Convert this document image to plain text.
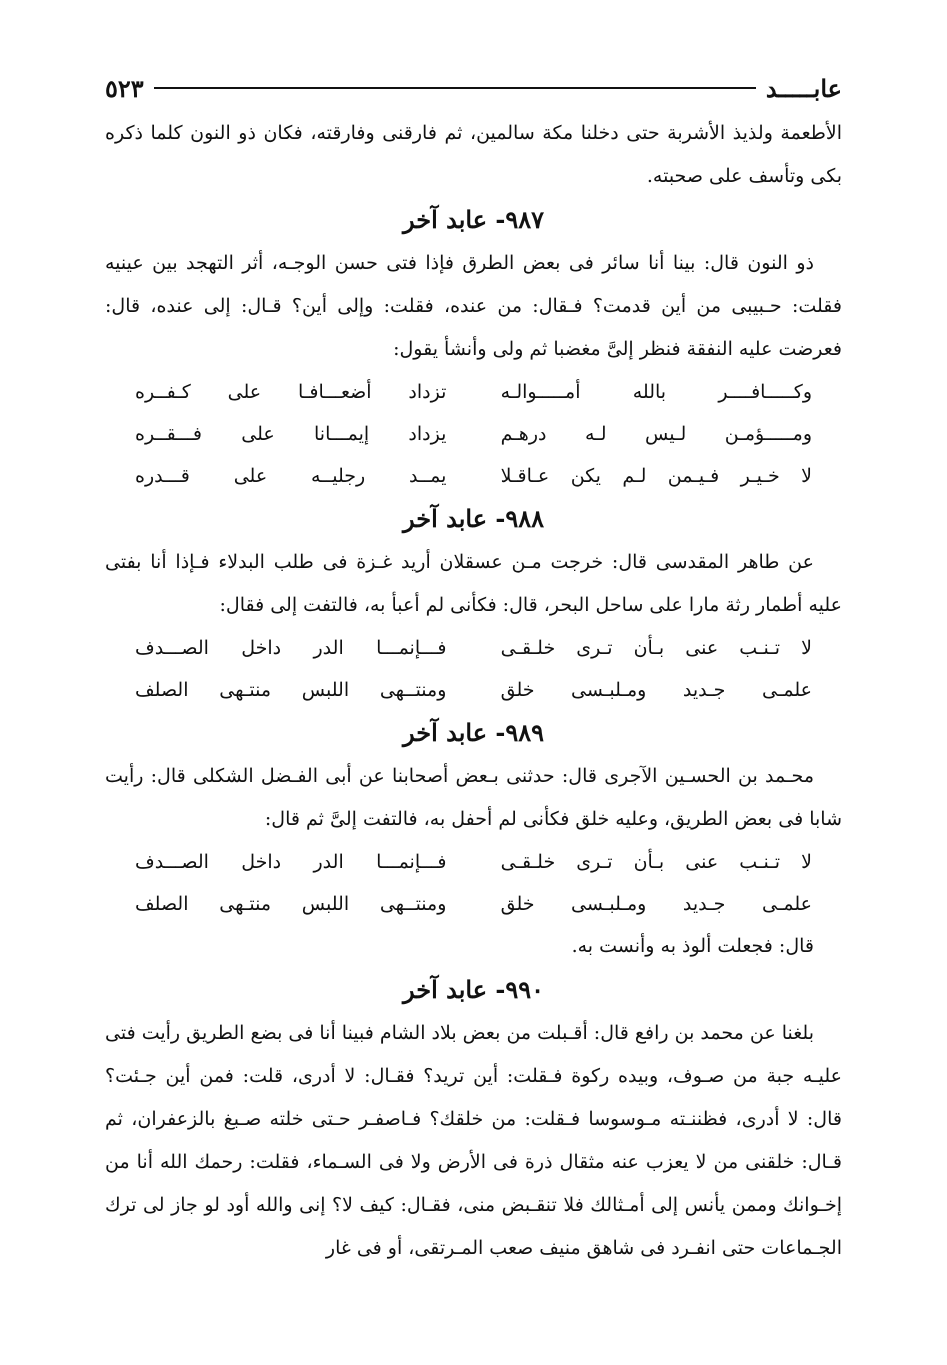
عابـــــد
٥٢٣

الأطعمة ولذيذ الأشربة حتى دخلنا مكة سالمين، ثم فارقنى وفارقته، فكان ذو النون كلما ذكره بكى وتأسف على صحبته.

٩٨٧- عابد آخر

ذو النون قال: بينا أنا سائر فى بعض الطرق فإذا فتى حسن الوجـه، أثر التهجد بين عينيه فقلت: حـبيبى من أين قدمت؟ فـقال: من عنده، فقلت: وإلى أين؟ قـال: إلى عنده، قال: فعرضت عليه النفقة فنظر إلىَّ مغضبا ثم ولى وأنشأ يقول:

وكـــــافــــر بالله أمـــــوالـه
تزداد أضعـــافـا على كـفــره
ومـــــؤمـن لـيس لـه درهـم
يزداد إيمـــانا على فـــقــره
لا خـيـر فـيـمن لـم يكن عـاقـلا
يمــد رجليــه على قـــدره
٩٨٨- عابد آخر

عن طاهر المقدسى قال: خرجت مـن عسقلان أريد غـزة فى طلب البدلاء فـإذا أنا بفتى عليه أطمار رثة مارا على ساحل البحر، قال: فكأنى لم أعبأ به، فالتفت إلى فقال:

لا تـنـب عنى بـأن تـرى خلـقـى
فـــإنمـــا الدر داخل الصـــدف
علمـى جـديد ومـلبـسى خلق
ومنتــهى اللبس منتـهى الصلف
٩٨٩- عابد آخر

محـمد بن الحسـين الآجرى قال: حدثنى بـعض أصحابنا عن أبى الفـضل الشكلى قال: رأيت شابا فى بعض الطريق، وعليه خلق فكأنى لم أحفل به، فالتفت إلىَّ ثم قال:

لا تـنـب عنى بـأن تـرى خلـقـى
فـــإنمـــا الدر داخل الصـــدف
علمـى جـديد ومـلبـسى خلق
ومنتــهى اللبس منتـهى الصلف

قال: فجعلت ألوذ به وأنست به.

٩٩٠- عابد آخر

بلغنا عن محمد بن رافع قال: أقـبلت من بعض بلاد الشام فبينا أنا فى بضع الطريق رأيت فتى عليـه جبة من صـوف، وبيده ركوة فـقلت: أين تريد؟ فقـال: لا أدرى، قلت: فمن أين جـئت؟ قال: لا أدرى، فظننـته مـوسوسا فـقلت: من خلقك؟ فـاصفـر حـتى خلته صـبغ بالزعفران، ثم قـال: خلقنى من لا يعزب عنه مثقال ذرة فى الأرض ولا فى السـماء، فقلت: رحمك الله أنا من إخـوانك وممن يأنس إلى أمـثالك فلا تنقـبض منى، فقـال: كيف لا؟ إنى والله أود لو جاز لى ترك الجـماعات حتى انفـرد فى شاهق منيف صعب المـرتقى، أو فى غار
